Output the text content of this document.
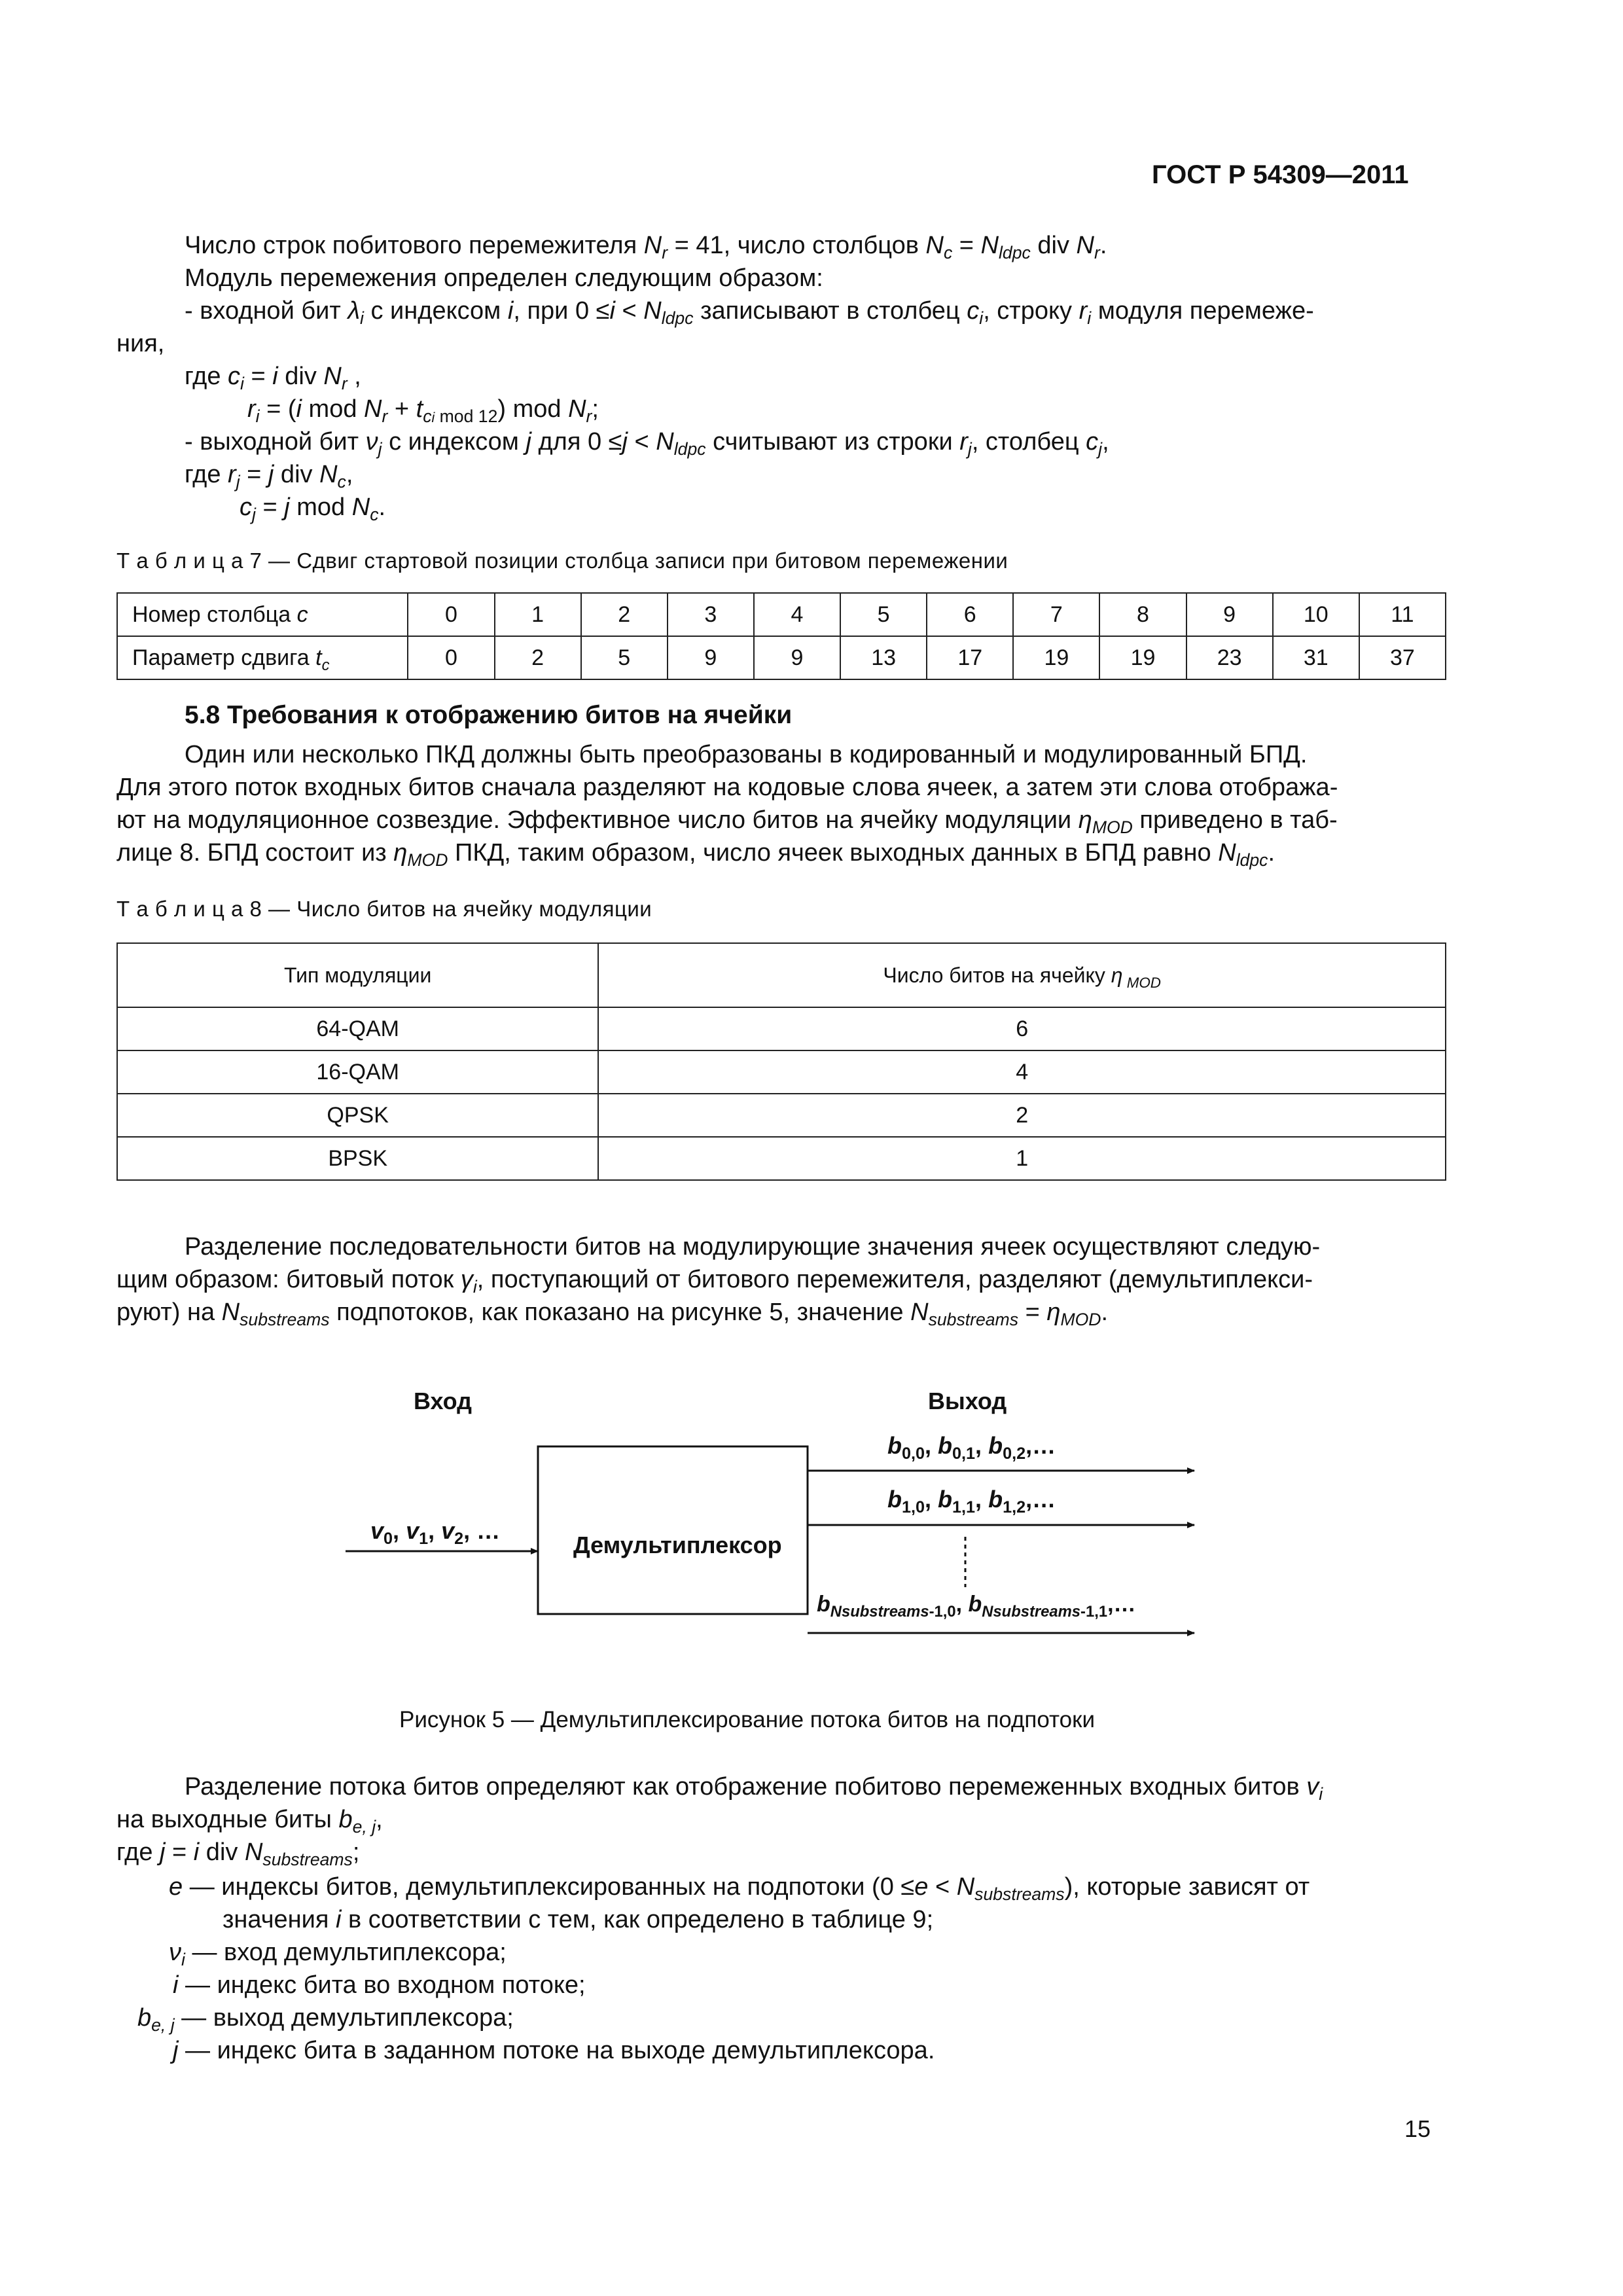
ГОСТ Р 54309—2011
Число строк побитового перемежителя $N_r = 41$, число столбцов $N_c = N_{ldpc}$ div $N_r$.
Модуль перемежения определен следующим образом:
- входной бит $\lambda_i$ с индексом i, при $0 \le i < N_{ldpc}$ записывают в столбец $c_i$, строку $r_i$ модуля перемеже-
ния,
где $c_i = i$ div $N_r$ ,
$r_i = (i$ mod $N_r + t_{ci mod 12}$) mod $N_r$;
- выходной бит $\nu_j$ с индексом j для $0 \le j < N_{ldpc}$ считывают из строки $r_j$, столбец $c_j$,
где $r_j = j$ div $N_c$,
$c_j = j$ mod $N_c$.
Т а б л и ц а 7 — Сдвиг стартовой позиции столбца записи при битовом перемежении
Номер столбца c	0	1	2	3	4	5	6	7	8	9	10	11
Параметр сдвига $t_c$	0	2	5	9	9	13	17	19	19	23	31	37
5.8 Требования к отображению битов на ячейки
Один или несколько ПКД должны быть преобразованы в кодированный и модулированный БПД.
Для этого поток входных битов сначала разделяют на кодовые слова ячеек, а затем эти слова отобража-
ют на модуляционное созвездие. Эффективное число битов на ячейку модуляции $\eta_{MOD}$ приведено в таб-
лице 8. БПД состоит из $\eta_{MOD}$ ПКД, таким образом, число ячеек выходных данных в БПД равно $N_{ldpc}$.
Т а б л и ц а 8 — Число битов на ячейку модуляции
Тип модуляции	Число битов на ячейку η $_{MOD}$
64-QAM	6
16-QAM	4
QPSK	2
BPSK	1
Разделение последовательности битов на модулирующие значения ячеек осуществляют следую-
щим образом: битовый поток $\gamma_i$, поступающий от битового перемежителя, разделяют (демультиплекси-
руют) на $N_{substreams}$ подпотоков, как показано на рисунке 5, значение $N_{substreams} = \eta_{MOD}$.
Вход	Выход
Демультиплексор
$v_0$, $v_1$, $v_2$, …
$b_{0,0}$, $b_{0,1}$, $b_{0,2},\dots$
$b_{1,0}$, $b_{1,1}$, $b_{1,2},\dots$
$b_{Nsubstreams-1,0}$, $b_{Nsubstreams-1,1},\dots$
Рисунок 5 — Демультиплексирование потока битов на подпотоки
Разделение потока битов определяют как отображение побитово перемеженных входных битов $v_i$
на выходные биты $b_{e, j}$,
где j = i div $N_{substreams}$;
e — индексы битов, демультиплексированных на подпотоки $(0 \le e < N_{substreams})$, которые зависят от
значения i в соответствии с тем, как определено в таблице 9;
$\nu_i$ — вход демультиплексора;
i — индекс бита во входном потоке;
$b_{e, j}$ — выход демультиплексора;
j — индекс бита в заданном потоке на выходе демультиплексора.
15
